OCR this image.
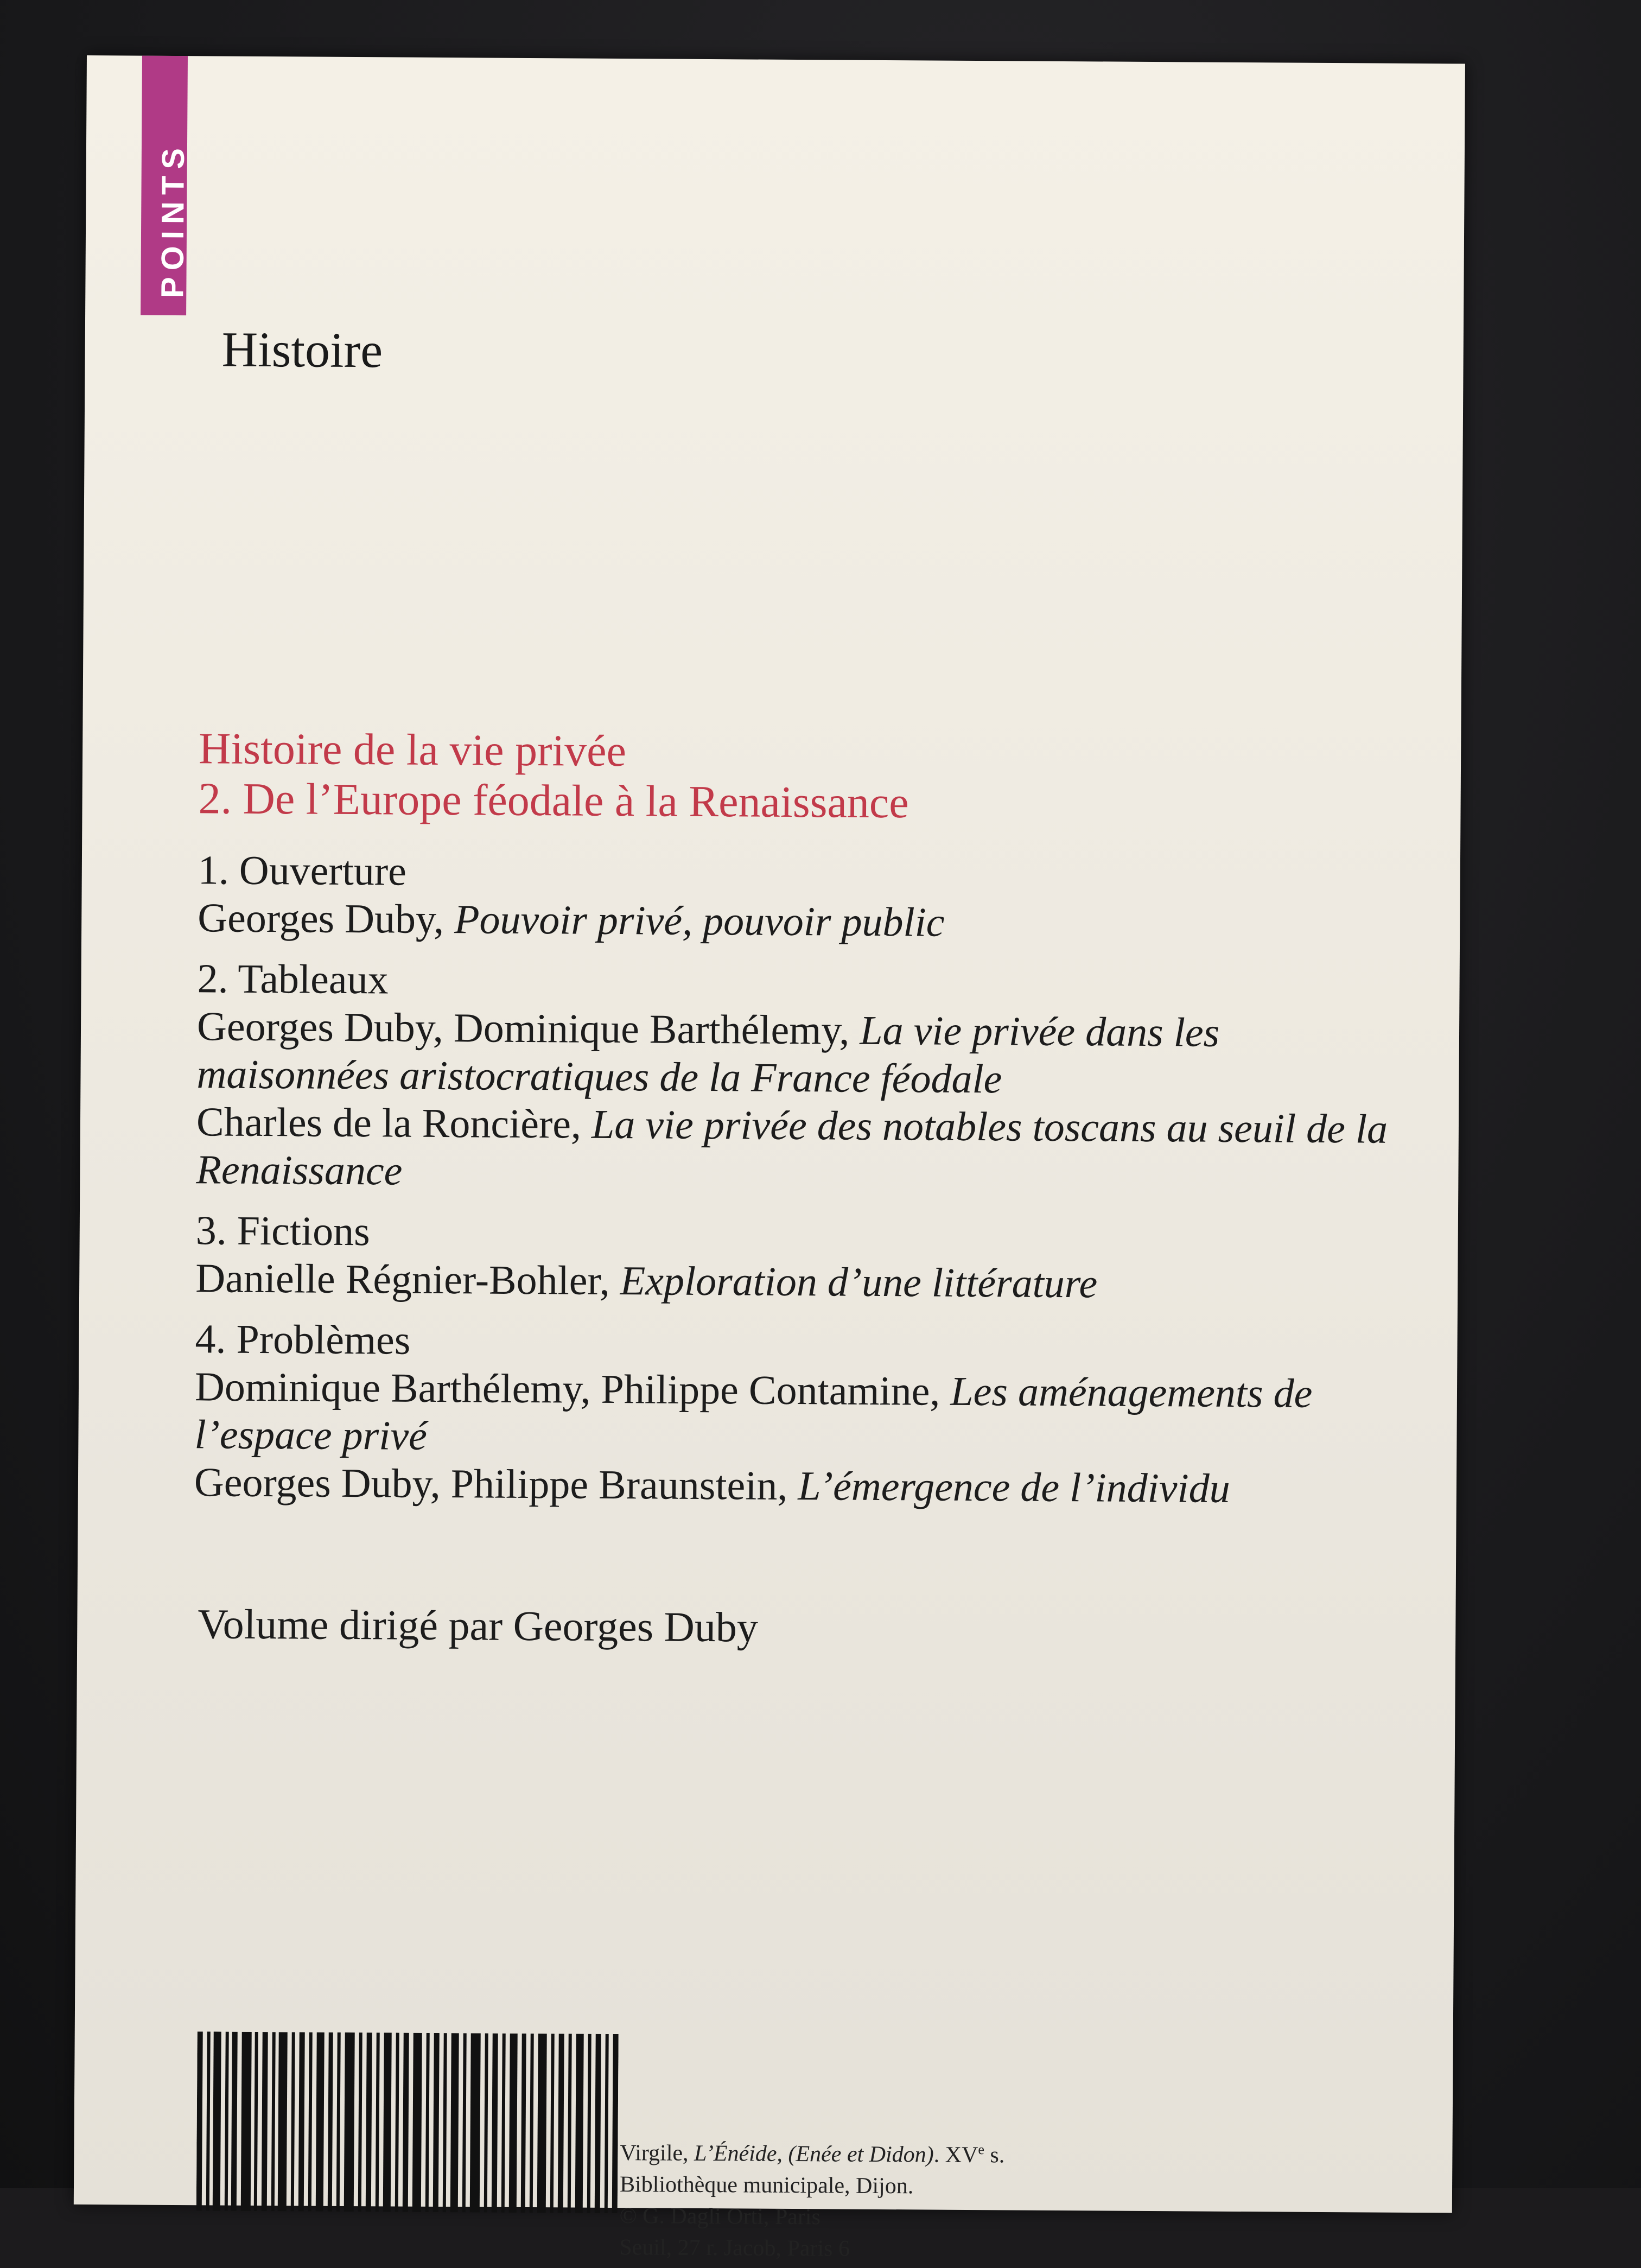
POINTS
Histoire
Histoire de la vie privée
2. De l’Europe féodale à la Renaissance
1. Ouverture
Georges Duby, Pouvoir privé, pouvoir public
2. Tableaux
Georges Duby, Dominique Barthélemy, La vie privée dans les maisonnées aristocratiques de la France féodale
Charles de la Roncière, La vie privée des notables toscans au seuil de la Renaissance
3. Fictions
Danielle Régnier-Bohler, Exploration d’une littérature
4. Problèmes
Dominique Barthélemy, Philippe Contamine, Les aménagements de l’espace privé
Georges Duby, Philippe Braunstein, L’émergence de l’individu
Volume dirigé par Georges Duby
Virgile, L’Énéide, (Enée et Didon). XVe s.
Bibliothèque municipale, Dijon.
© G. Dagli Orti, Paris
Seuil, 27 r. Jacob, Paris 6
